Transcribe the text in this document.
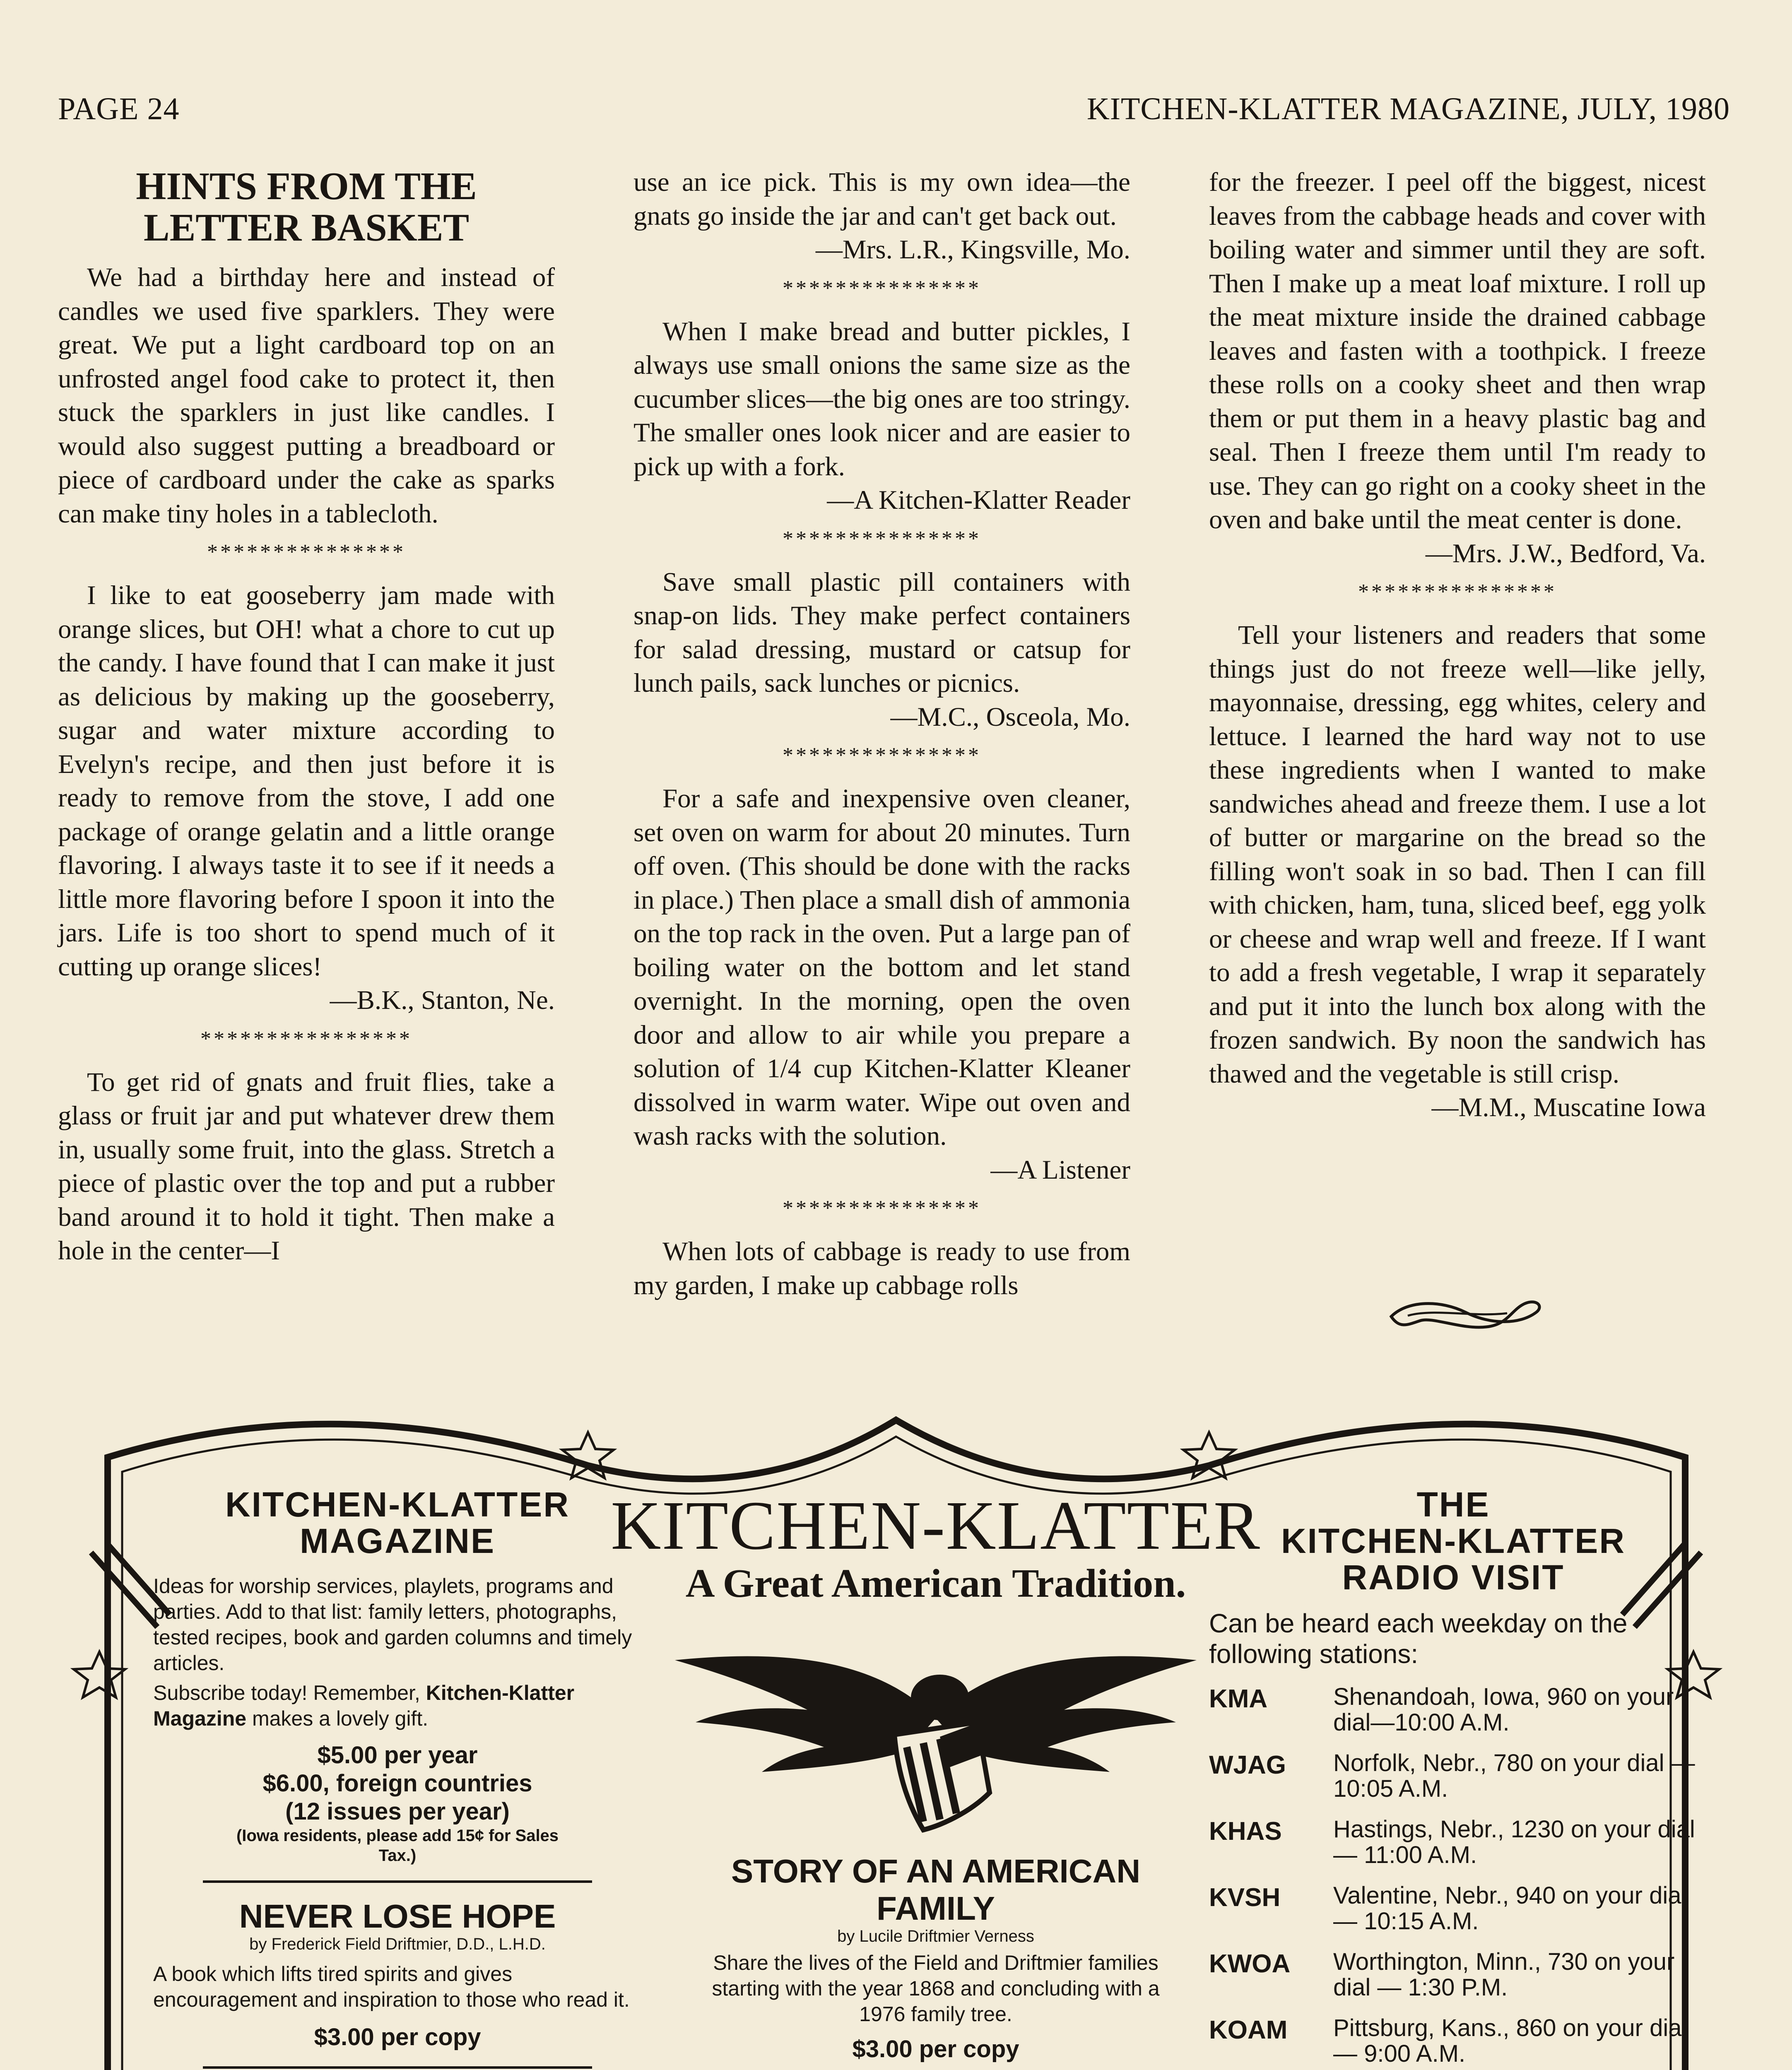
PAGE 24	KITCHEN-KLATTER MAGAZINE, JULY, 1980
HINTS FROM THE LETTER BASKET

We had a birthday here and instead of candles we used five sparklers. They were great. We put a light cardboard top on an unfrosted angel food cake to protect it, then stuck the sparklers in just like candles. I would also suggest putting a breadboard or piece of cardboard under the cake as sparks can make tiny holes in a tablecloth.

***************

I like to eat gooseberry jam made with orange slices, but OH! what a chore to cut up the candy. I have found that I can make it just as delicious by making up the gooseberry, sugar and water mixture according to Evelyn's recipe, and then just before it is ready to remove from the stove, I add one package of orange gelatin and a little orange flavoring. I always taste it to see if it needs a little more flavoring before I spoon it into the jars. Life is too short to spend much of it cutting up orange slices!

—B.K., Stanton, Ne.
****************

To get rid of gnats and fruit flies, take a glass or fruit jar and put whatever drew them in, usually some fruit, into the glass. Stretch a piece of plastic over the top and put a rubber band around it to hold it tight. Then make a hole in the center—I

use an ice pick. This is my own idea—the gnats go inside the jar and can't get back out.

—Mrs. L.R., Kingsville, Mo.
***************

When I make bread and butter pickles, I always use small onions the same size as the cucumber slices—the big ones are too stringy. The smaller ones look nicer and are easier to pick up with a fork.

—A Kitchen-Klatter Reader
***************

Save small plastic pill containers with snap-on lids. They make perfect containers for salad dressing, mustard or catsup for lunch pails, sack lunches or picnics.

—M.C., Osceola, Mo.
***************

For a safe and inexpensive oven cleaner, set oven on warm for about 20 minutes. Turn off oven. (This should be done with the racks in place.) Then place a small dish of ammonia on the top rack in the oven. Put a large pan of boiling water on the bottom and let stand overnight. In the morning, open the oven door and allow to air while you prepare a solution of 1/4 cup Kitchen-Klatter Kleaner dissolved in warm water. Wipe out oven and wash racks with the solution.

—A Listener
***************

When lots of cabbage is ready to use from my garden, I make up cabbage rolls

for the freezer. I peel off the biggest, nicest leaves from the cabbage heads and cover with boiling water and simmer until they are soft. Then I make up a meat loaf mixture. I roll up the meat mixture inside the drained cabbage leaves and fasten with a toothpick. I freeze these rolls on a cooky sheet and then wrap them or put them in a heavy plastic bag and seal. Then I freeze them until I'm ready to use. They can go right on a cooky sheet in the oven and bake until the meat center is done.

—Mrs. J.W., Bedford, Va.
***************

Tell your listeners and readers that some things just do not freeze well—like jelly, mayonnaise, dressing, egg whites, celery and lettuce. I learned the hard way not to use these ingredients when I wanted to make sandwiches ahead and freeze them. I use a lot of butter or margarine on the bread so the filling won't soak in so bad. Then I can fill with chicken, ham, tuna, sliced beef, egg yolk or cheese and wrap well and freeze. If I want to add a fresh vegetable, I wrap it separately and put it into the lunch box along with the frozen sandwich. By noon the sandwich has thawed and the vegetable is still crisp.

—M.M., Muscatine Iowa
KITCHEN-KLATTER MAGAZINE
Ideas for worship services, playlets, programs and parties. Add to that list: family letters, photographs, tested recipes, book and garden columns and timely articles.
Subscribe today! Remember, Kitchen-Klatter Magazine makes a lovely gift.
$5.00 per year
$6.00, foreign countries
(12 issues per year)
(Iowa residents, please add 15¢ for Sales Tax.)
NEVER LOSE HOPE
by Frederick Field Driftmier, D.D., L.H.D.
A book which lifts tired spirits and gives encouragement and inspiration to those who read it.
$3.00 per copy
KITCHEN-KLATTER
A Great American Tradition.
STORY OF AN AMERICAN FAMILY
by Lucile Driftmier Verness
Share the lives of the Field and Driftmier families starting with the year 1868 and concluding with a 1976 family tree.
$3.00 per copy
THE
KITCHEN-KLATTER
RADIO VISIT
Can be heard each weekday on the following stations:
KMA	Shenandoah, Iowa, 960 on your dial—10:00 A.M.
WJAG	Norfolk, Nebr., 780 on your dial — 10:05 A.M.
KHAS	Hastings, Nebr., 1230 on your dial — 11:00 A.M.
KVSH	Valentine, Nebr., 940 on your dial — 10:15 A.M.
KWOA	Worthington, Minn., 730 on your dial — 1:30 P.M.
KOAM	Pittsburg, Kans., 860 on your dial — 9:00 A.M.
